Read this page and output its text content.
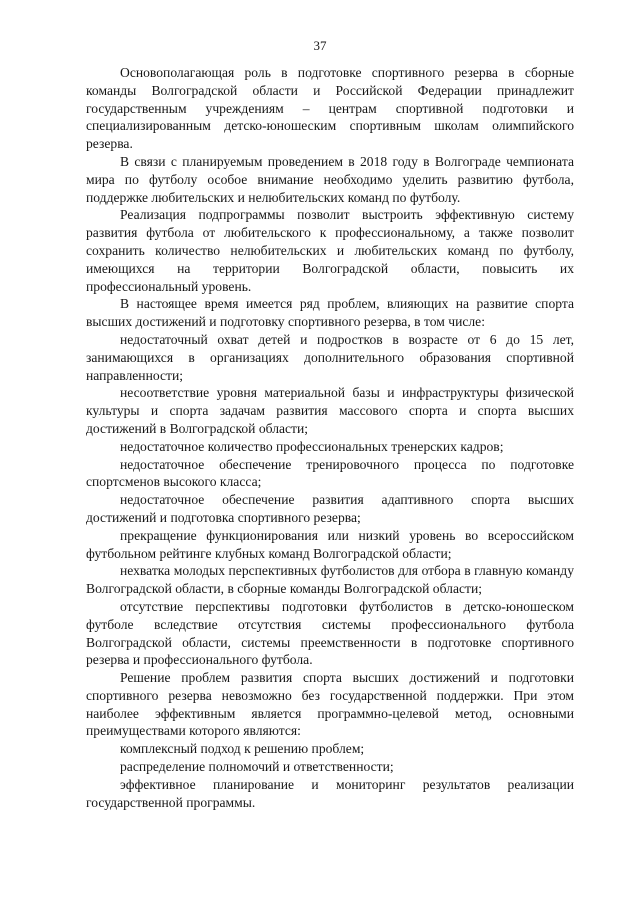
37

Основополагающая роль в подготовке спортивного резерва в сборные команды Волгоградской области и Российской Федерации принадлежит государственным учреждениям – центрам спортивной подготовки и специализированным детско-юношеским спортивным школам олимпийского резерва.

В связи с планируемым проведением в 2018 году в Волгограде чемпионата мира по футболу особое внимание необходимо уделить развитию футбола, поддержке любительских и нелюбительских команд по футболу.

Реализация подпрограммы позволит выстроить эффективную систему развития футбола от любительского к профессиональному, а также позволит сохранить количество нелюбительских и любительских команд по футболу, имеющихся на территории Волгоградской области, повысить их профессиональный уровень.

В настоящее время имеется ряд проблем, влияющих на развитие спорта высших достижений и подготовку спортивного резерва, в том числе:

недостаточный охват детей и подростков в возрасте от 6 до 15 лет, занимающихся в организациях дополнительного образования спортивной направленности;

несоответствие уровня материальной базы и инфраструктуры физической культуры и спорта задачам развития массового спорта и спорта высших достижений в Волгоградской области;

недостаточное количество профессиональных тренерских кадров;

недостаточное обеспечение тренировочного процесса по подготовке спортсменов высокого класса;

недостаточное обеспечение развития адаптивного спорта высших достижений и подготовка спортивного резерва;

прекращение функционирования или низкий уровень во всероссийском футбольном рейтинге клубных команд Волгоградской области;

нехватка молодых перспективных футболистов для отбора в главную команду Волгоградской области, в сборные команды Волгоградской области;

отсутствие перспективы подготовки футболистов в детско-юношеском футболе вследствие отсутствия системы профессионального футбола Волгоградской области, системы преемственности в подготовке спортивного резерва и профессионального футбола.

Решение проблем развития спорта высших достижений и подготовки спортивного резерва невозможно без государственной поддержки. При этом наиболее эффективным является программно-целевой метод, основными преимуществами которого являются:

комплексный подход к решению проблем;

распределение полномочий и ответственности;

эффективное планирование и мониторинг результатов реализации государственной программы.
